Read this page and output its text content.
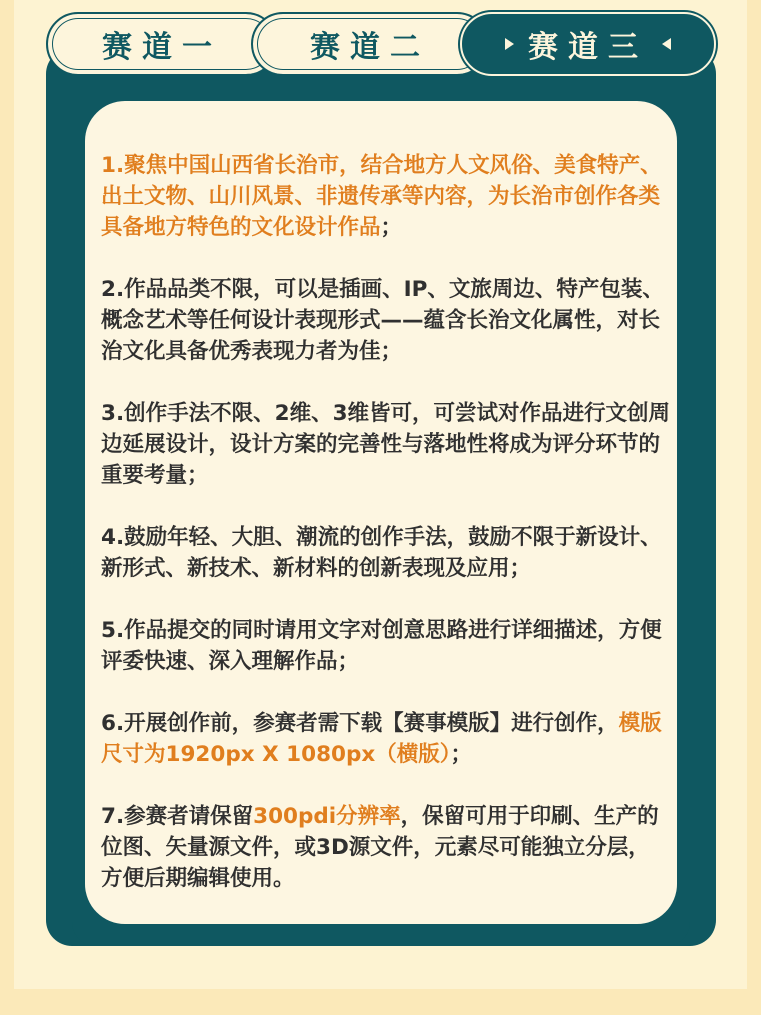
赛道一	赛道二	赛道三

1.聚焦中国山西省长治市，结合地方人文风俗、美食特产、出土文物、山川风景、非遗传承等内容，为长治市创作各类具备地方特色的文化设计作品；

2.作品品类不限，可以是插画、IP、文旅周边、特产包装、概念艺术等任何设计表现形式——蕴含长治文化属性，对长治文化具备优秀表现力者为佳；

3.创作手法不限、2维、3维皆可，可尝试对作品进行文创周边延展设计，设计方案的完善性与落地性将成为评分环节的重要考量；

4.鼓励年轻、大胆、潮流的创作手法，鼓励不限于新设计、新形式、新技术、新材料的创新表现及应用；

5.作品提交的同时请用文字对创意思路进行详细描述，方便评委快速、深入理解作品；

6.开展创作前，参赛者需下载【赛事模版】进行创作，模版尺寸为1920px X 1080px（横版）；

7.参赛者请保留300pdi分辨率，保留可用于印刷、生产的位图、矢量源文件，或3D源文件，元素尽可能独立分层，方便后期编辑使用。
